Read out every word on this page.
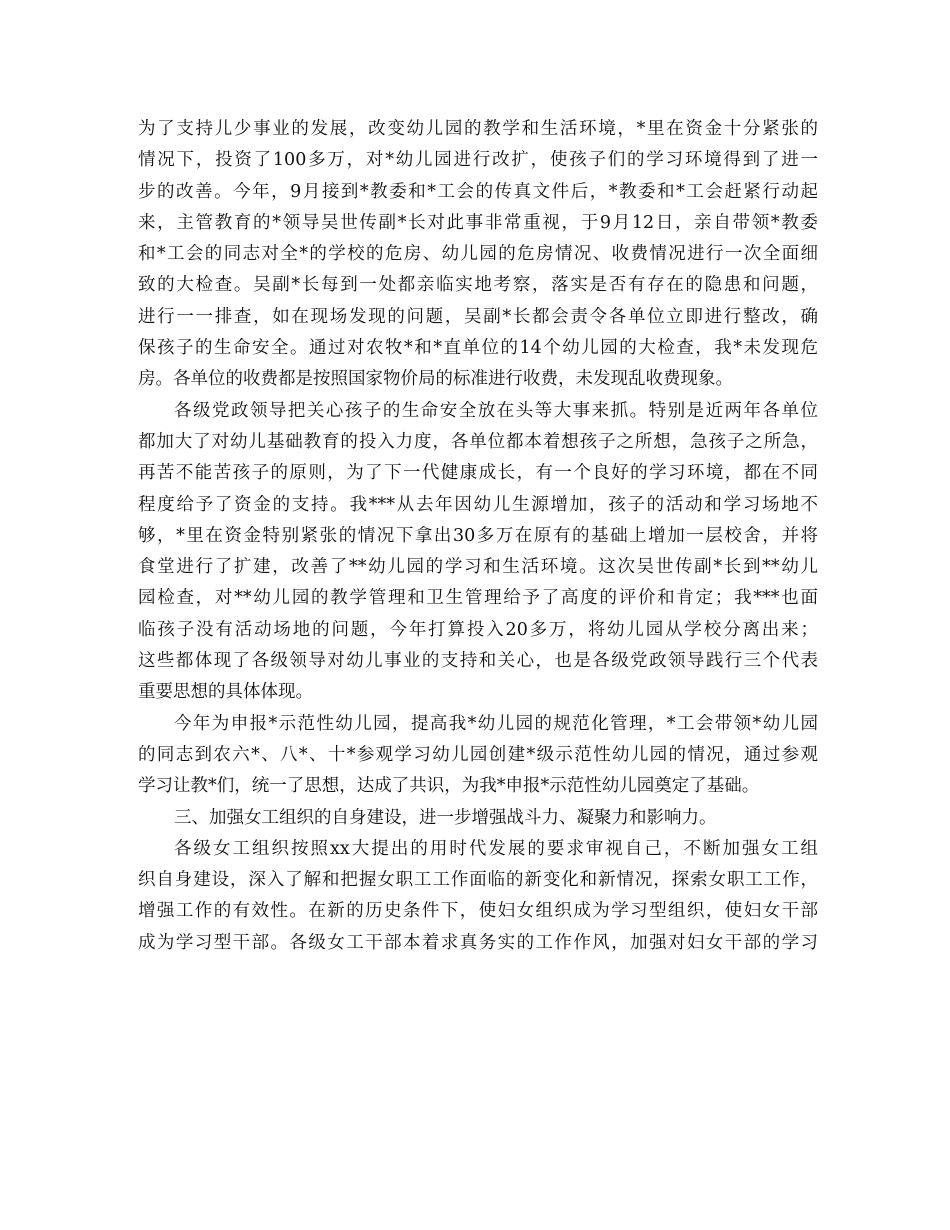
为了支持儿少事业的发展，改变幼儿园的教学和生活环境，*里在资金十分紧张的
情况下，投资了100多万，对*幼儿园进行改扩，使孩子们的学习环境得到了进一
步的改善。今年，9月接到*教委和*工会的传真文件后，*教委和*工会赶紧行动起
来，主管教育的*领导吴世传副*长对此事非常重视，于9月12日，亲自带领*教委
和*工会的同志对全*的学校的危房、幼儿园的危房情况、收费情况进行一次全面细
致的大检查。吴副*长每到一处都亲临实地考察，落实是否有存在的隐患和问题，
进行一一排查，如在现场发现的问题，吴副*长都会责令各单位立即进行整改，确
保孩子的生命安全。通过对农牧*和*直单位的14个幼儿园的大检查，我*未发现危
房。各单位的收费都是按照国家物价局的标准进行收费，未发现乱收费现象。
各级党政领导把关心孩子的生命安全放在头等大事来抓。特别是近两年各单位
都加大了对幼儿基础教育的投入力度，各单位都本着想孩子之所想，急孩子之所急，
再苦不能苦孩子的原则，为了下一代健康成长，有一个良好的学习环境，都在不同
程度给予了资金的支持。我***从去年因幼儿生源增加，孩子的活动和学习场地不
够，*里在资金特别紧张的情况下拿出30多万在原有的基础上增加一层校舍，并将
食堂进行了扩建，改善了**幼儿园的学习和生活环境。这次吴世传副*长到**幼儿
园检查，对**幼儿园的教学管理和卫生管理给予了高度的评价和肯定；我***也面
临孩子没有活动场地的问题，今年打算投入20多万，将幼儿园从学校分离出来；
这些都体现了各级领导对幼儿事业的支持和关心，也是各级党政领导践行三个代表
重要思想的具体体现。
今年为申报*示范性幼儿园，提高我*幼儿园的规范化管理，*工会带领*幼儿园
的同志到农六*、八*、十*参观学习幼儿园创建*级示范性幼儿园的情况，通过参观
学习让教*们，统一了思想，达成了共识，为我*申报*示范性幼儿园奠定了基础。
三、加强女工组织的自身建设，进一步增强战斗力、凝聚力和影响力。
各级女工组织按照xx大提出的用时代发展的要求审视自己，不断加强女工组
织自身建设，深入了解和把握女职工工作面临的新变化和新情况，探索女职工工作，
增强工作的有效性。在新的历史条件下，使妇女组织成为学习型组织，使妇女干部
成为学习型干部。各级女工干部本着求真务实的工作作风，加强对妇女干部的学习
